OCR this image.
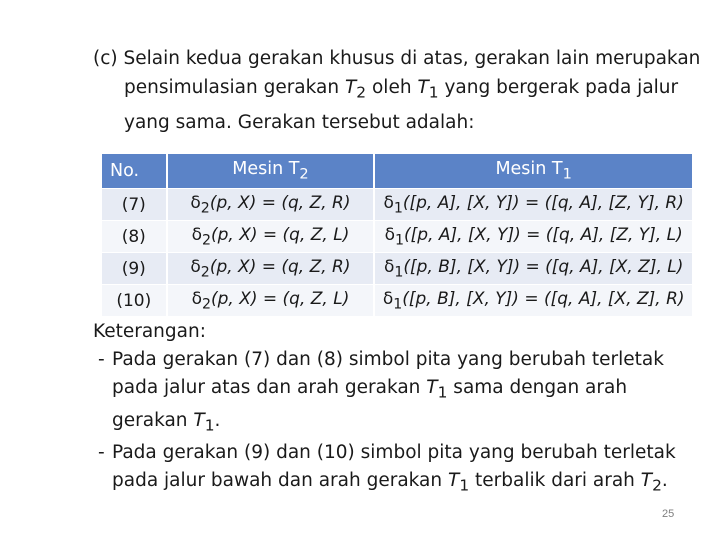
(c) Selain kedua gerakan khusus di atas, gerakan lain merupakan pensimulasian gerakan $T_2$ oleh $T_1$ yang bergerak pada jalur yang sama. Gerakan tersebut adalah:

No.	Mesin $T_2$	Mesin $T_1$
(7)	$\delta_2(p$, X) = (q, Z, R)	$\delta_1([p$, A], [X, Y]) = ([q, A], [Z, Y], R)
(8)	$\delta_2(p$, X) = (q, Z, L)	$\delta_1([p$, A], [X, Y]) = ([q, A], [Z, Y], L)
(9)	$\delta_2(p$, X) = (q, Z, R)	$\delta_1([p$, B], [X, Y]) = ([q, A], [X, Z], L)
(10)	$\delta_2(p$, X) = (q, Z, L)	$\delta_1([p$, B], [X, Y]) = ([q, A], [X, Z], R)
Keterangan:
- Pada gerakan (7) dan (8) simbol pita yang berubah terletak pada jalur atas dan arah gerakan $T_1$ sama dengan arah gerakan $T_1$.
- Pada gerakan (9) dan (10) simbol pita yang berubah terletak pada jalur bawah dan arah gerakan $T_1$ terbalik dari arah $T_2$.
25
